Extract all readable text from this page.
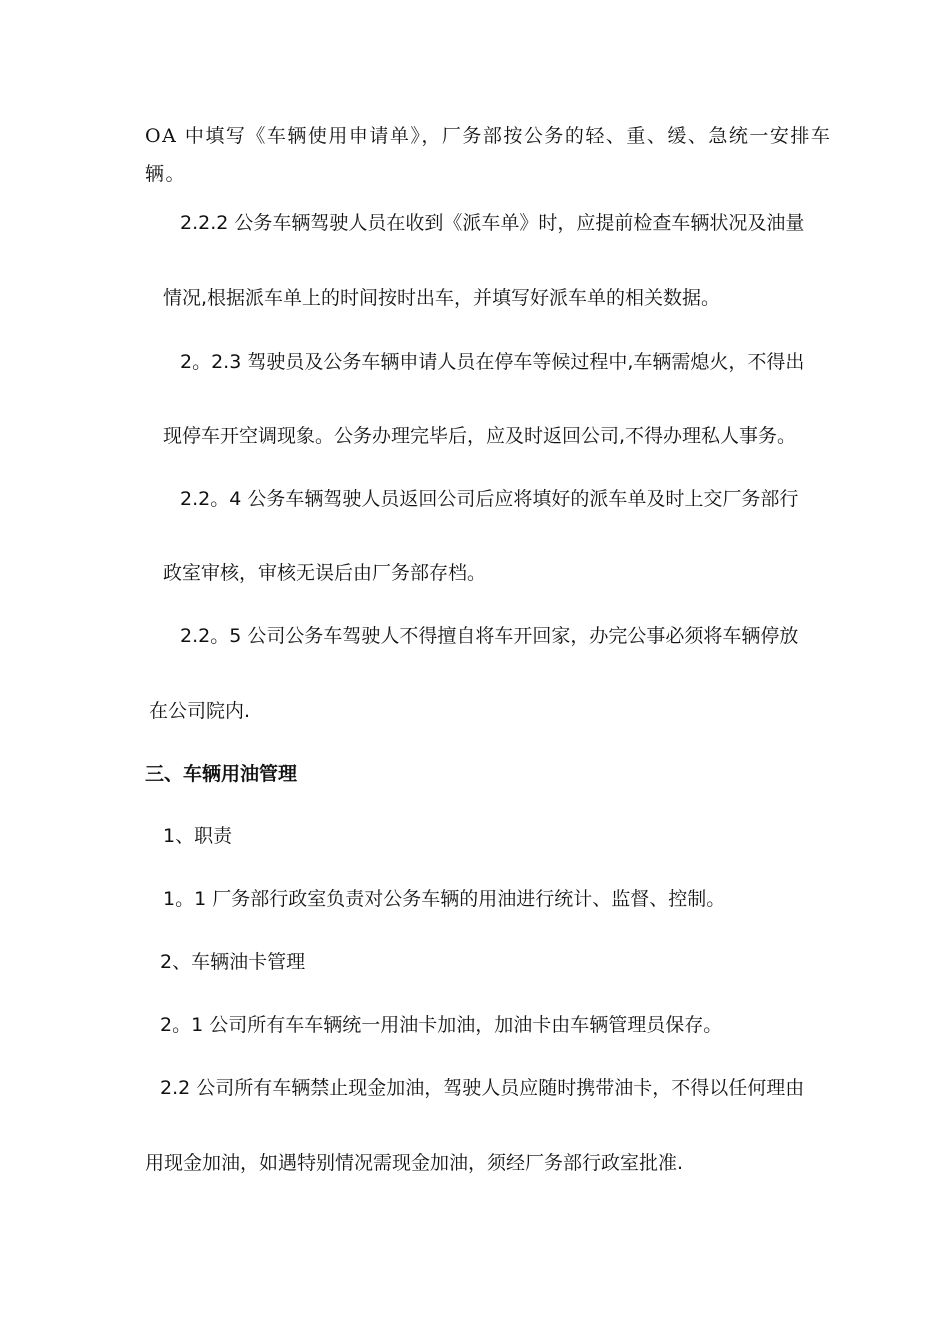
OA 中填写《车辆使用申请单》，厂务部按公务的轻、重、缓、急统一安排车
辆。
2.2.2 公务车辆驾驶人员在收到《派车单》时，应提前检查车辆状况及油量
情况,根据派车单上的时间按时出车，并填写好派车单的相关数据。
2。2.3 驾驶员及公务车辆申请人员在停车等候过程中,车辆需熄火，不得出
现停车开空调现象。公务办理完毕后，应及时返回公司,不得办理私人事务。
2.2。4 公务车辆驾驶人员返回公司后应将填好的派车单及时上交厂务部行
政室审核，审核无误后由厂务部存档。
2.2。5 公司公务车驾驶人不得擅自将车开回家，办完公事必须将车辆停放
在公司院内.
三、车辆用油管理
1、职责
1。1 厂务部行政室负责对公务车辆的用油进行统计、监督、控制。
2、车辆油卡管理
2。1 公司所有车车辆统一用油卡加油，加油卡由车辆管理员保存。
2.2 公司所有车辆禁止现金加油，驾驶人员应随时携带油卡，不得以任何理由
用现金加油，如遇特别情况需现金加油，须经厂务部行政室批准.
